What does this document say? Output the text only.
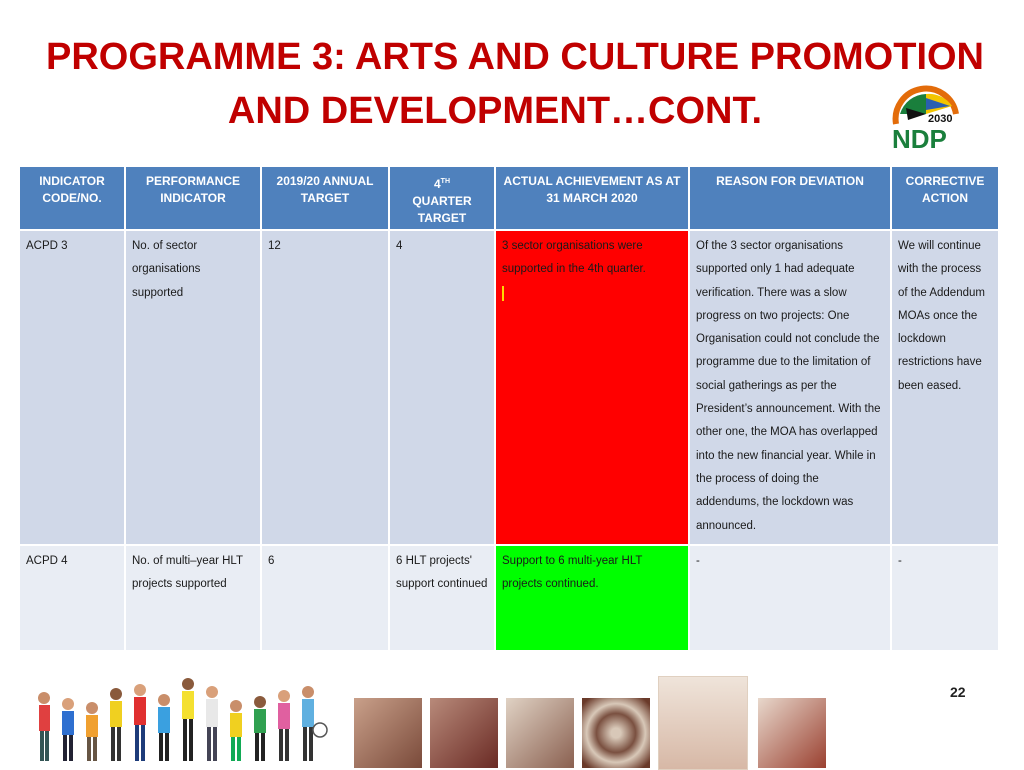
PROGRAMME 3: ARTS AND CULTURE PROMOTION
AND DEVELOPMENT…CONT.	2030
NDP
INDICATOR CODE/NO.	PERFORMANCE INDICATOR	2019/20 ANNUAL TARGET	4TH
QUARTER TARGET	ACTUAL ACHIEVEMENT AS AT 31 MARCH 2020	REASON FOR DEVIATION	CORRECTIVE ACTION
ACPD 3	No. of sector organisations supported	12	4	3 sector organisations were supported in the 4th quarter.	Of the 3 sector organisations supported only 1 had adequate verification. There was a slow progress on two projects: One Organisation could not conclude the programme due to the limitation of social gatherings as per the President’s announcement. With the other one, the MOA has overlapped into the new financial year. While in the process of doing the addendums, the lockdown was announced.	We will continue with the process of the Addendum MOAs once the lockdown restrictions have been eased.
ACPD 4	No. of multi–year HLT projects supported	6	6 HLT projects' support continued	Support to 6 multi-year HLT projects continued.	-	-
22
